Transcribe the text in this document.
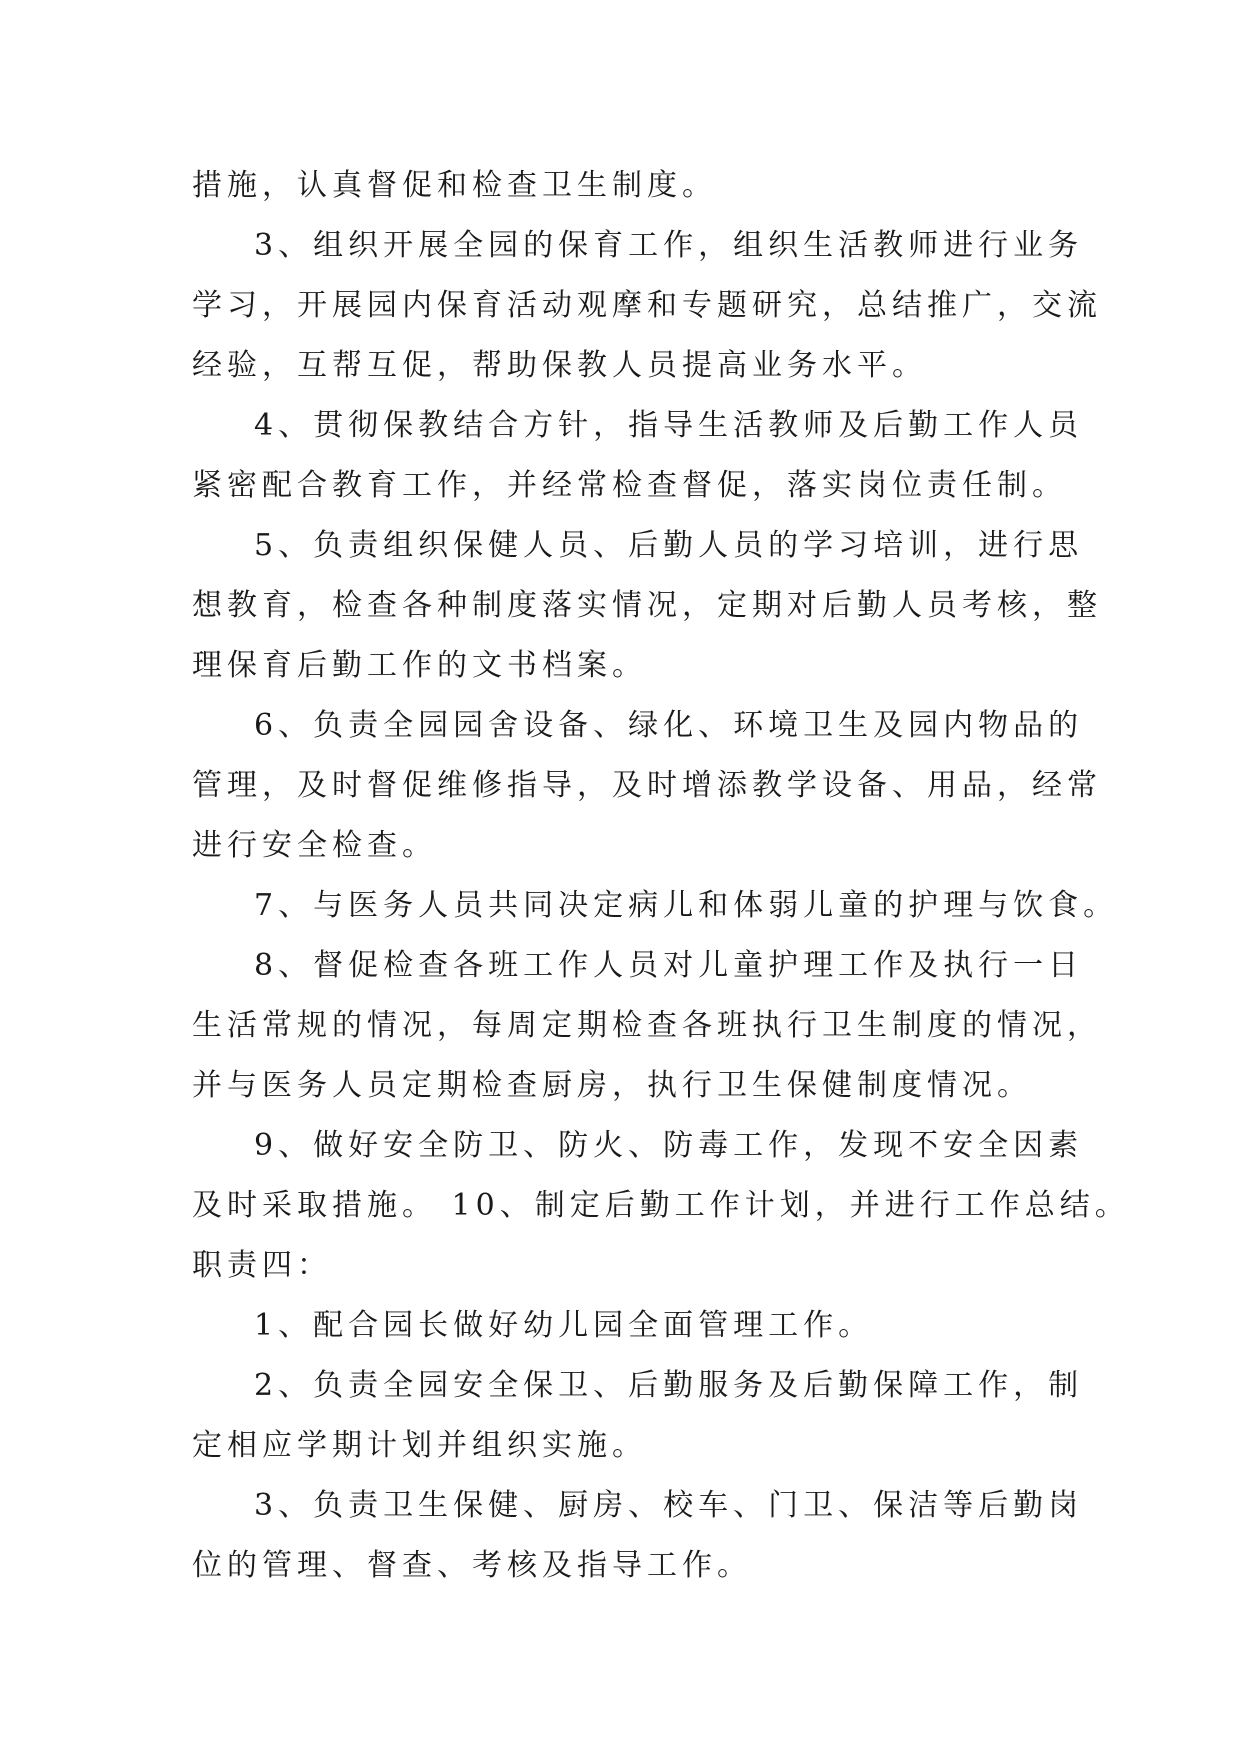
措施，认真督促和检查卫生制度。
3、组织开展全园的保育工作，组织生活教师进行业务
学习，开展园内保育活动观摩和专题研究，总结推广，交流
经验，互帮互促，帮助保教人员提高业务水平。
4、贯彻保教结合方针，指导生活教师及后勤工作人员
紧密配合教育工作，并经常检查督促，落实岗位责任制。
5、负责组织保健人员、后勤人员的学习培训，进行思
想教育，检查各种制度落实情况，定期对后勤人员考核，整
理保育后勤工作的文书档案。
6、负责全园园舍设备、绿化、环境卫生及园内物品的
管理，及时督促维修指导，及时增添教学设备、用品，经常
进行安全检查。
7、与医务人员共同决定病儿和体弱儿童的护理与饮食。
8、督促检查各班工作人员对儿童护理工作及执行一日
生活常规的情况，每周定期检查各班执行卫生制度的情况，
并与医务人员定期检查厨房，执行卫生保健制度情况。
9、做好安全防卫、防火、防毒工作，发现不安全因素
及时采取措施。 10、制定后勤工作计划，并进行工作总结。
职责四：
1、配合园长做好幼儿园全面管理工作。
2、负责全园安全保卫、后勤服务及后勤保障工作，制
定相应学期计划并组织实施。
3、负责卫生保健、厨房、校车、门卫、保洁等后勤岗
位的管理、督查、考核及指导工作。
